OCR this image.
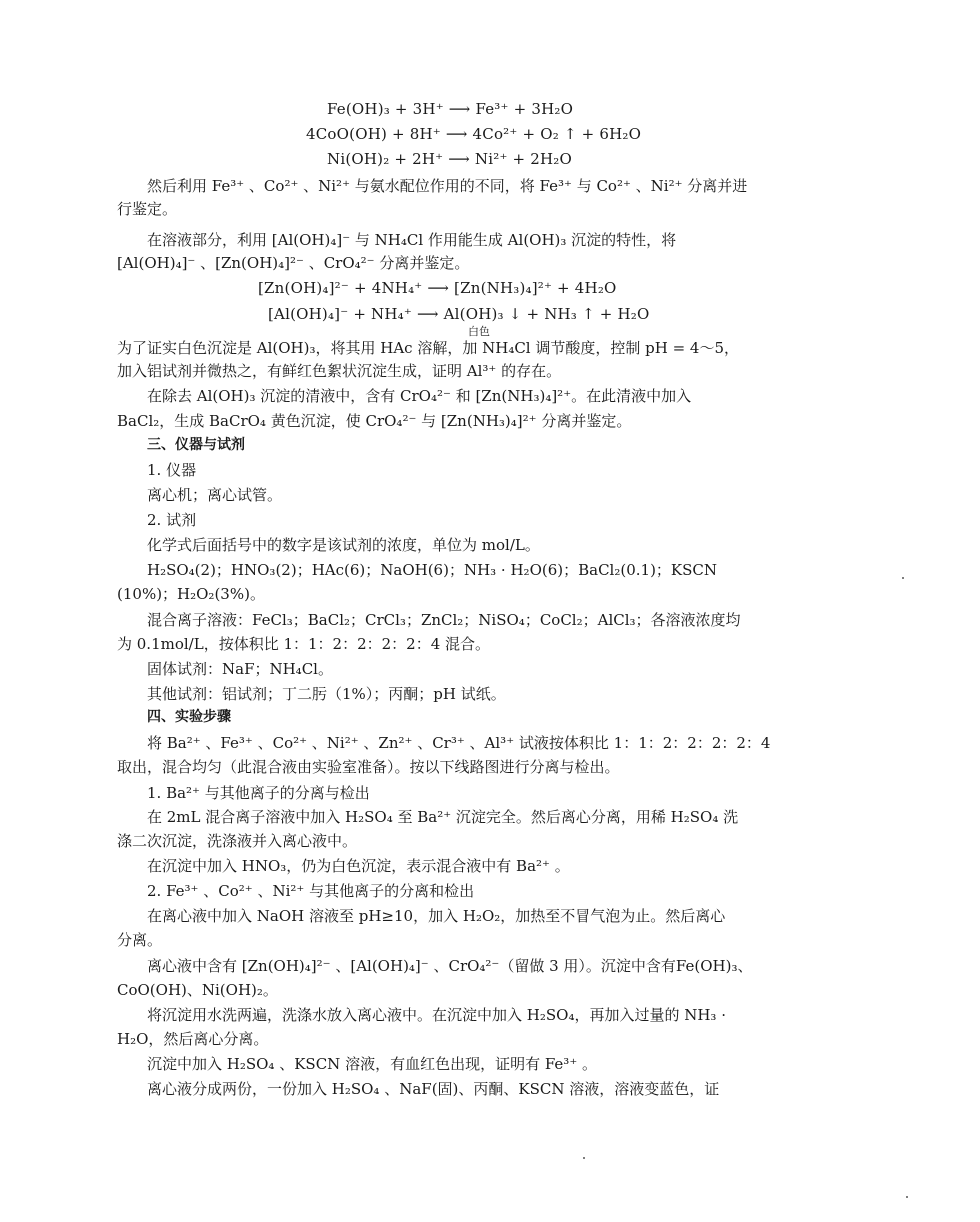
Fe(OH)₃ + 3H⁺ ⟶ Fe³⁺ + 3H₂O
4CoO(OH) + 8H⁺ ⟶ 4Co²⁺ + O₂ ↑ + 6H₂O
Ni(OH)₂ + 2H⁺ ⟶ Ni²⁺ + 2H₂O
然后利用 Fe³⁺ 、Co²⁺ 、Ni²⁺ 与氨水配位作用的不同，将 Fe³⁺ 与 Co²⁺ 、Ni²⁺ 分离并进
行鉴定。
在溶液部分，利用 [Al(OH)₄]⁻ 与 NH₄Cl 作用能生成 Al(OH)₃ 沉淀的特性，将
[Al(OH)₄]⁻ 、[Zn(OH)₄]²⁻ 、CrO₄²⁻ 分离并鉴定。
[Zn(OH)₄]²⁻ + 4NH₄⁺ ⟶ [Zn(NH₃)₄]²⁺ + 4H₂O
[Al(OH)₄]⁻ + NH₄⁺ ⟶ Al(OH)₃ ↓ + NH₃ ↑ + H₂O
白色
为了证实白色沉淀是 Al(OH)₃，将其用 HAc 溶解，加 NH₄Cl 调节酸度，控制 pH = 4～5，
加入铝试剂并微热之，有鲜红色絮状沉淀生成，证明 Al³⁺ 的存在。
在除去 Al(OH)₃ 沉淀的清液中，含有 CrO₄²⁻ 和 [Zn(NH₃)₄]²⁺。在此清液中加入
BaCl₂，生成 BaCrO₄ 黄色沉淀，使 CrO₄²⁻ 与 [Zn(NH₃)₄]²⁺ 分离并鉴定。
三、仪器与试剂
1. 仪器
离心机；离心试管。
2. 试剂
化学式后面括号中的数字是该试剂的浓度，单位为 mol/L。
H₂SO₄(2)；HNO₃(2)；HAc(6)；NaOH(6)；NH₃ · H₂O(6)；BaCl₂(0.1)；KSCN
(10%)；H₂O₂(3%)。
混合离子溶液：FeCl₃；BaCl₂；CrCl₃；ZnCl₂；NiSO₄；CoCl₂；AlCl₃；各溶液浓度均
为 0.1mol/L，按体积比 1：1：2：2：2：2：4 混合。
固体试剂：NaF；NH₄Cl。
其他试剂：铝试剂；丁二肟（1%）；丙酮；pH 试纸。
四、实验步骤
将 Ba²⁺ 、Fe³⁺ 、Co²⁺ 、Ni²⁺ 、Zn²⁺ 、Cr³⁺ 、Al³⁺ 试液按体积比 1：1：2：2：2：2：4
取出，混合均匀（此混合液由实验室准备）。按以下线路图进行分离与检出。
1. Ba²⁺ 与其他离子的分离与检出
在 2mL 混合离子溶液中加入 H₂SO₄ 至 Ba²⁺ 沉淀完全。然后离心分离，用稀 H₂SO₄ 洗
涤二次沉淀，洗涤液并入离心液中。
在沉淀中加入 HNO₃，仍为白色沉淀，表示混合液中有 Ba²⁺ 。
2. Fe³⁺ 、Co²⁺ 、Ni²⁺ 与其他离子的分离和检出
在离心液中加入 NaOH 溶液至 pH≥10，加入 H₂O₂，加热至不冒气泡为止。然后离心
分离。
离心液中含有 [Zn(OH)₄]²⁻ 、[Al(OH)₄]⁻ 、CrO₄²⁻（留做 3 用）。沉淀中含有Fe(OH)₃、
CoO(OH)、Ni(OH)₂。
将沉淀用水洗两遍，洗涤水放入离心液中。在沉淀中加入 H₂SO₄，再加入过量的 NH₃ ·
H₂O，然后离心分离。
沉淀中加入 H₂SO₄ 、KSCN 溶液，有血红色出现，证明有 Fe³⁺ 。
离心液分成两份，一份加入 H₂SO₄ 、NaF(固)、丙酮、KSCN 溶液，溶液变蓝色，证
